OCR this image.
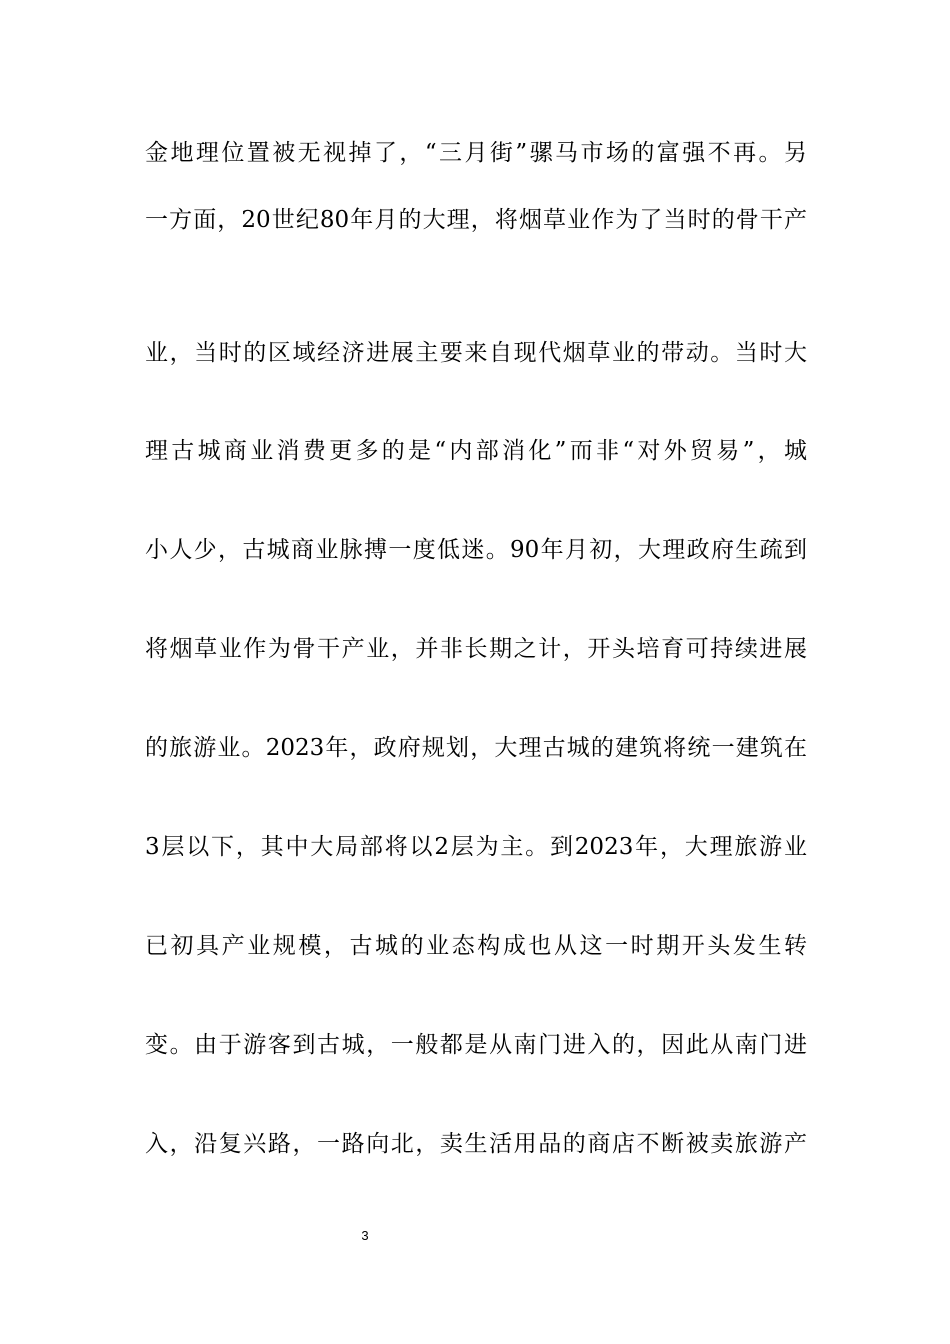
金地理位置被无视掉了，“三月街”骡马市场的富强不再。另
一方面，20世纪80年月的大理，将烟草业作为了当时的骨干产
业，当时的区域经济进展主要来自现代烟草业的带动。当时大
理古城商业消费更多的是“内部消化”而非“对外贸易”，城
小人少，古城商业脉搏一度低迷。90年月初，大理政府生疏到
将烟草业作为骨干产业，并非长期之计，开头培育可持续进展
的旅游业。2023年，政府规划，大理古城的建筑将统一建筑在
3层以下，其中大局部将以2层为主。到2023年，大理旅游业
已初具产业规模，古城的业态构成也从这一时期开头发生转
变。由于游客到古城，一般都是从南门进入的，因此从南门进
入，沿复兴路，一路向北，卖生活用品的商店不断被卖旅游产
3
